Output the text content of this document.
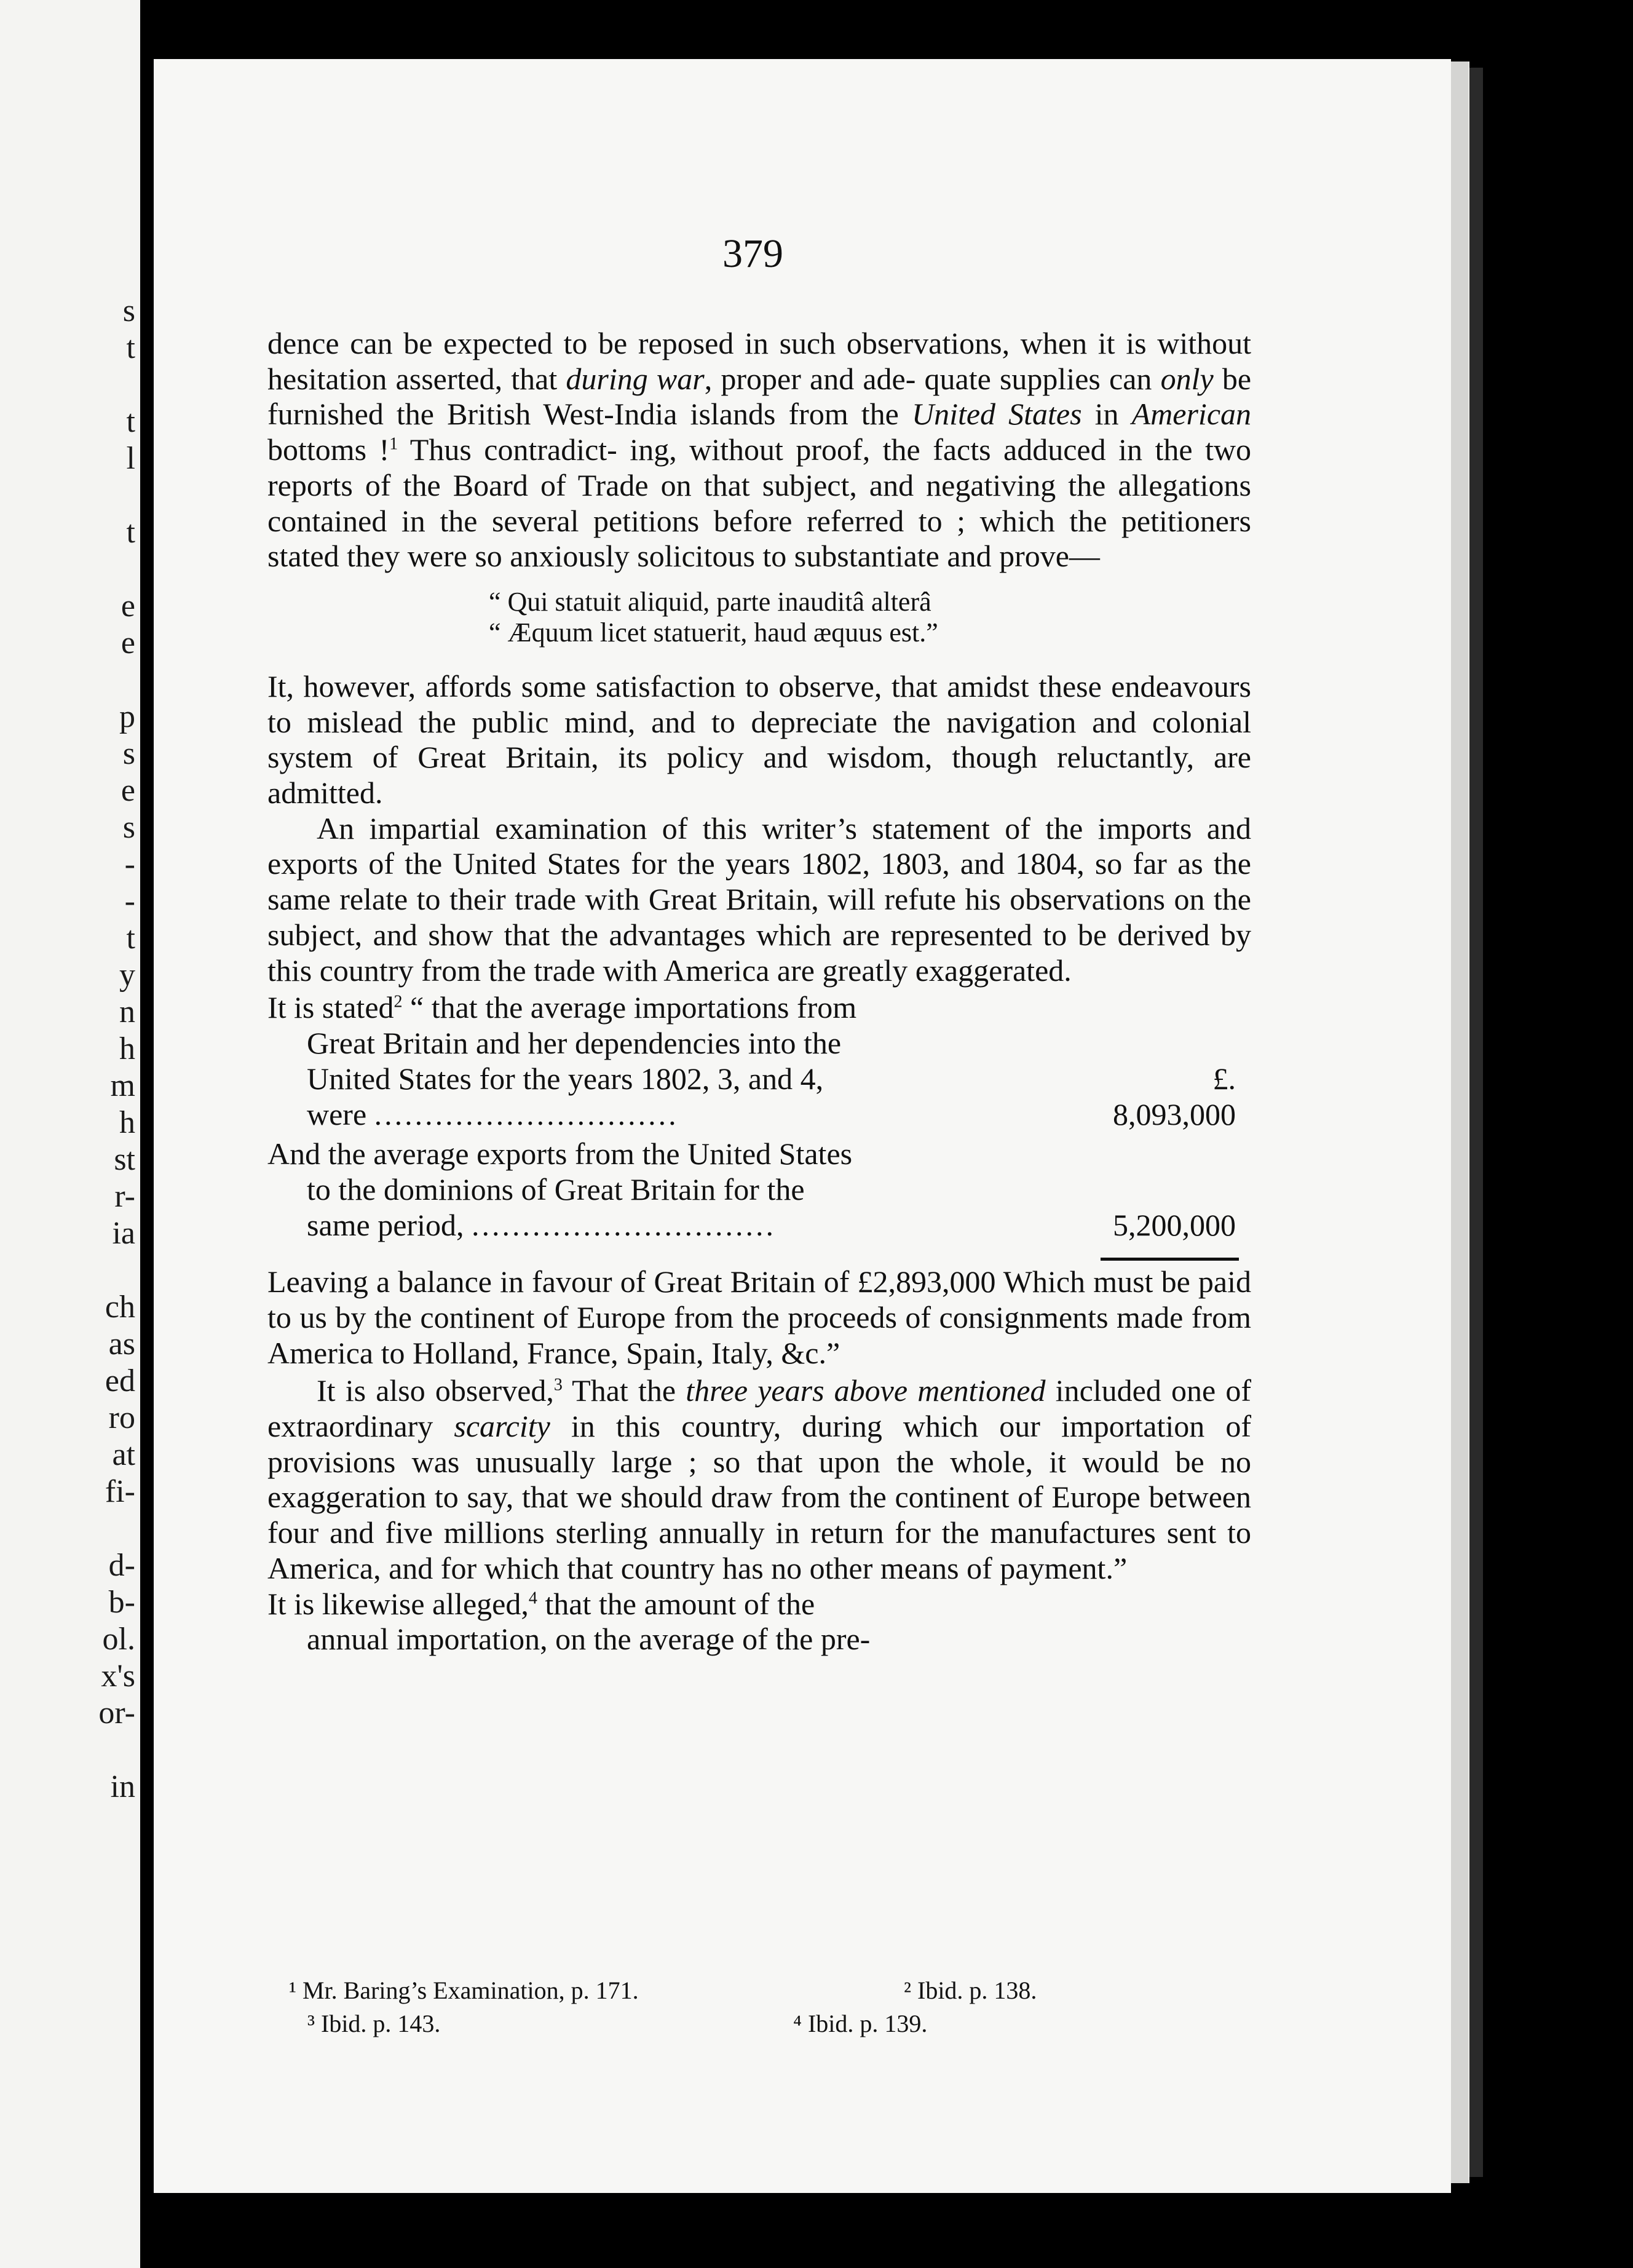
s
t
t
l
t
e
e
p
s
e
s
-
-
t
y
n
h
m
h
st
r-
ia
ch
as
ed
ro
at
fi-
d-
b-
ol.
x's
or-
in
379

dence can be expected to be reposed in such observations, when it is without hesitation asserted, that during war, proper and ade- quate supplies can only be furnished the British West-India islands from the United States in American bottoms !$^1$ Thus contradict- ing, without proof, the facts adduced in the two reports of the Board of Trade on that subject, and negativing the allegations contained in the several petitions before referred to ; which the petitioners stated they were so anxiously solicitous to substantiate and prove—

“ Qui statuit aliquid, parte inauditâ alterâ
“ Æquum licet statuerit, haud æquus est.”

It, however, affords some satisfaction to observe, that amidst these endeavours to mislead the public mind, and to depreciate the navigation and colonial system of Great Britain, its policy and wisdom, though reluctantly, are admitted.

An impartial examination of this writer’s statement of the imports and exports of the United States for the years 1802, 1803, and 1804, so far as the same relate to their trade with Great Britain, will refute his observations on the subject, and show that the advantages which are represented to be derived by this country from the trade with America are greatly exaggerated.

It is stated$^2$ “ that the average importations from
Great Britain and her dependencies into the
United States for the years 1802, 3, and 4,	£.
were ..............................	8,093,000
And the average exports from the United States
to the dominions of Great Britain for the
same period, ..............................	5,200,000

Leaving a balance in favour of Great Britain of £2,893,000 Which must be paid to us by the continent of Europe from the proceeds of consignments made from America to Holland, France, Spain, Italy, &c.”

It is also observed,$^3$ That the three years above mentioned included one of extraordinary scarcity in this country, during which our importation of provisions was unusually large ; so that upon the whole, it would be no exaggeration to say, that we should draw from the continent of Europe between four and five millions sterling annually in return for the manufactures sent to America, and for which that country has no other means of payment.”

It is likewise alleged,$^4$ that the amount of the

annual importation, on the average of the pre-

¹ Mr. Baring’s Examination, p. 171.	² Ibid. p. 138.
³ Ibid. p. 143.	⁴ Ibid. p. 139.
